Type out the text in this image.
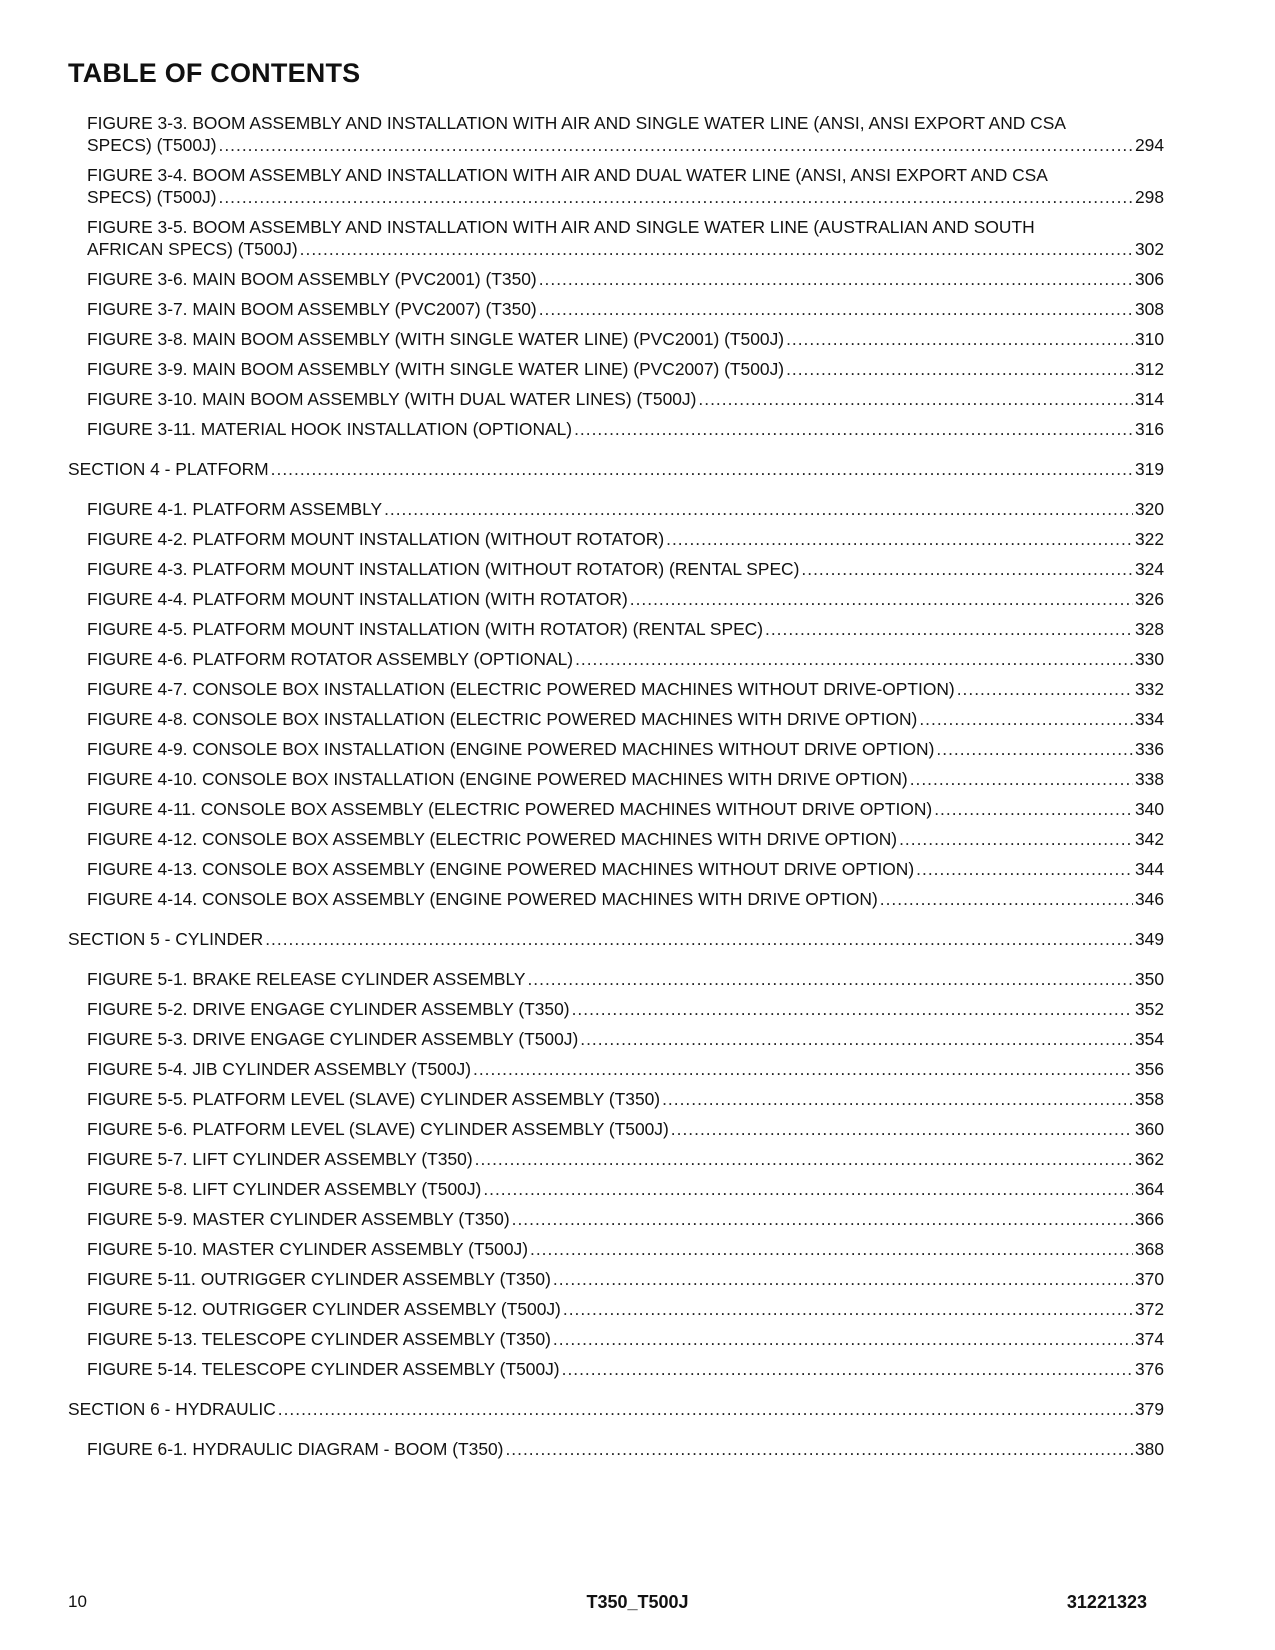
TABLE OF CONTENTS
FIGURE 3-3. BOOM ASSEMBLY AND INSTALLATION WITH AIR AND SINGLE WATER LINE (ANSI, ANSI EXPORT AND CSA
SPECS) (T500J) .....	294
FIGURE 3-4. BOOM ASSEMBLY AND INSTALLATION WITH AIR AND DUAL WATER LINE (ANSI, ANSI EXPORT AND CSA
SPECS) (T500J) .....	298
FIGURE 3-5. BOOM ASSEMBLY AND INSTALLATION WITH AIR AND SINGLE WATER LINE (AUSTRALIAN AND SOUTH
AFRICAN SPECS) (T500J) .....	302
FIGURE 3-6. MAIN BOOM ASSEMBLY (PVC2001) (T350) .....	306
FIGURE 3-7. MAIN BOOM ASSEMBLY (PVC2007) (T350) .....	308
FIGURE 3-8. MAIN BOOM ASSEMBLY (WITH SINGLE WATER LINE) (PVC2001) (T500J) .....	310
FIGURE 3-9. MAIN BOOM ASSEMBLY (WITH SINGLE WATER LINE) (PVC2007) (T500J) .....	312
FIGURE 3-10. MAIN BOOM ASSEMBLY (WITH DUAL WATER LINES) (T500J) .....	314
FIGURE 3-11. MATERIAL HOOK INSTALLATION (OPTIONAL) .....	316
SECTION 4 - PLATFORM .....	319
FIGURE 4-1. PLATFORM ASSEMBLY .....	320
FIGURE 4-2. PLATFORM MOUNT INSTALLATION (WITHOUT ROTATOR) .....	322
FIGURE 4-3. PLATFORM MOUNT INSTALLATION (WITHOUT ROTATOR) (RENTAL SPEC) .....	324
FIGURE 4-4. PLATFORM MOUNT INSTALLATION (WITH ROTATOR) .....	326
FIGURE 4-5. PLATFORM MOUNT INSTALLATION (WITH ROTATOR) (RENTAL SPEC) .....	328
FIGURE 4-6. PLATFORM ROTATOR ASSEMBLY (OPTIONAL) .....	330
FIGURE 4-7. CONSOLE BOX INSTALLATION (ELECTRIC POWERED MACHINES WITHOUT DRIVE-OPTION) .....	332
FIGURE 4-8. CONSOLE BOX INSTALLATION (ELECTRIC POWERED MACHINES WITH DRIVE OPTION) .....	334
FIGURE 4-9. CONSOLE BOX INSTALLATION (ENGINE POWERED MACHINES WITHOUT DRIVE OPTION) .....	336
FIGURE 4-10. CONSOLE BOX INSTALLATION (ENGINE POWERED MACHINES WITH DRIVE OPTION) .....	338
FIGURE 4-11. CONSOLE BOX ASSEMBLY (ELECTRIC POWERED MACHINES WITHOUT DRIVE OPTION) .....	340
FIGURE 4-12. CONSOLE BOX ASSEMBLY (ELECTRIC POWERED MACHINES WITH DRIVE OPTION) .....	342
FIGURE 4-13. CONSOLE BOX ASSEMBLY (ENGINE POWERED MACHINES WITHOUT DRIVE OPTION) .....	344
FIGURE 4-14. CONSOLE BOX ASSEMBLY (ENGINE POWERED MACHINES WITH DRIVE OPTION) .....	346
SECTION 5 - CYLINDER .....	349
FIGURE 5-1. BRAKE RELEASE CYLINDER ASSEMBLY .....	350
FIGURE 5-2. DRIVE ENGAGE CYLINDER ASSEMBLY (T350) .....	352
FIGURE 5-3. DRIVE ENGAGE CYLINDER ASSEMBLY (T500J) .....	354
FIGURE 5-4. JIB CYLINDER ASSEMBLY (T500J) .....	356
FIGURE 5-5. PLATFORM LEVEL (SLAVE) CYLINDER ASSEMBLY (T350) .....	358
FIGURE 5-6. PLATFORM LEVEL (SLAVE) CYLINDER ASSEMBLY (T500J) .....	360
FIGURE 5-7. LIFT CYLINDER ASSEMBLY (T350) .....	362
FIGURE 5-8. LIFT CYLINDER ASSEMBLY (T500J) .....	364
FIGURE 5-9. MASTER CYLINDER ASSEMBLY (T350) .....	366
FIGURE 5-10. MASTER CYLINDER ASSEMBLY (T500J) .....	368
FIGURE 5-11. OUTRIGGER CYLINDER ASSEMBLY (T350) .....	370
FIGURE 5-12. OUTRIGGER CYLINDER ASSEMBLY (T500J) .....	372
FIGURE 5-13. TELESCOPE CYLINDER ASSEMBLY (T350) .....	374
FIGURE 5-14. TELESCOPE CYLINDER ASSEMBLY (T500J) .....	376
SECTION 6 - HYDRAULIC .....	379
FIGURE 6-1. HYDRAULIC DIAGRAM - BOOM (T350) .....	380
10	T350_T500J	31221323
